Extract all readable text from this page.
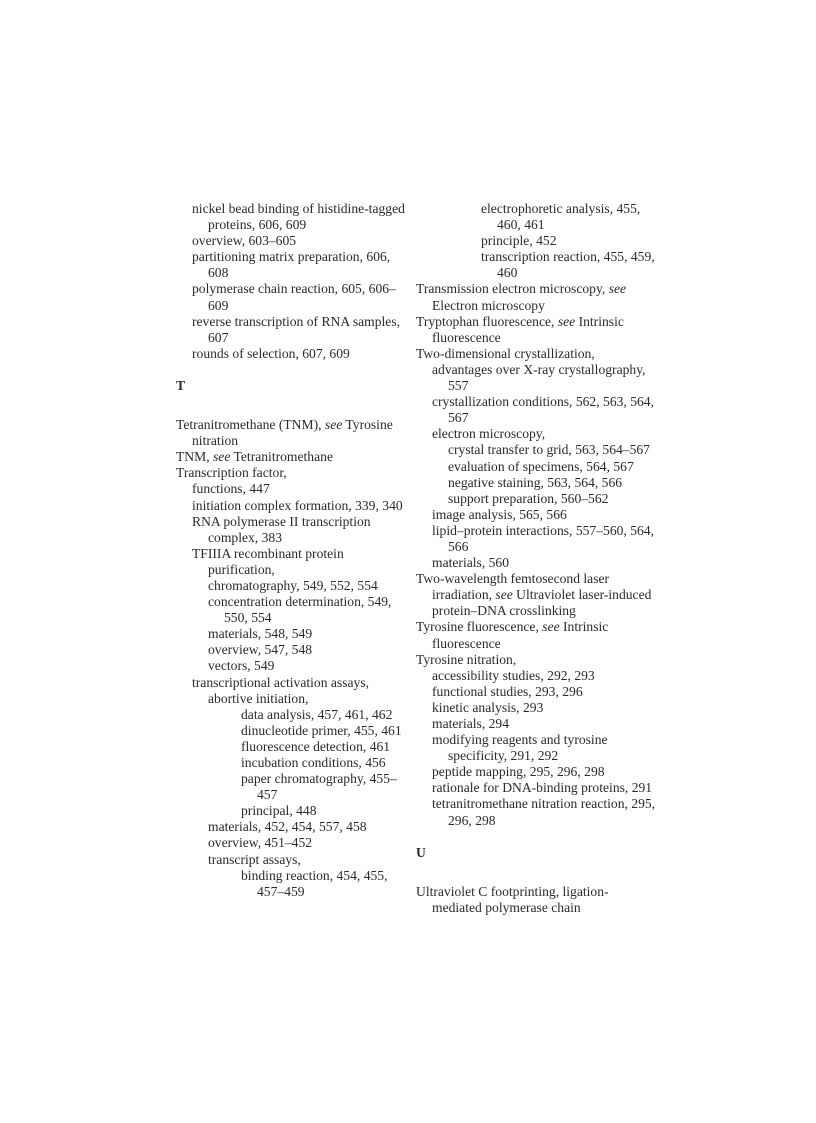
nickel bead binding of histidine-tagged proteins, 606, 609

overview, 603–605

partitioning matrix preparation, 606, 608

polymerase chain reaction, 605, 606–609

reverse transcription of RNA samples, 607

rounds of selection, 607, 609

T

Tetranitromethane (TNM), see Tyrosine nitration

TNM, see Tetranitromethane

Transcription factor,

functions, 447

initiation complex formation, 339, 340

RNA polymerase II transcription complex, 383

TFIIIA recombinant protein purification,

chromatography, 549, 552, 554

concentration determination, 549, 550, 554

materials, 548, 549

overview, 547, 548

vectors, 549

transcriptional activation assays,

abortive initiation,

data analysis, 457, 461, 462

dinucleotide primer, 455, 461

fluorescence detection, 461

incubation conditions, 456

paper chromatography, 455–457

principal, 448

materials, 452, 454, 557, 458

overview, 451–452

transcript assays,

binding reaction, 454, 455, 457–459

electrophoretic analysis, 455, 460, 461

principle, 452

transcription reaction, 455, 459, 460

Transmission electron microscopy, see Electron microscopy

Tryptophan fluorescence, see Intrinsic fluorescence

Two-dimensional crystallization,

advantages over X-ray crystallography, 557

crystallization conditions, 562, 563, 564, 567

electron microscopy,

crystal transfer to grid, 563, 564–567

evaluation of specimens, 564, 567

negative staining, 563, 564, 566

support preparation, 560–562

image analysis, 565, 566

lipid–protein interactions, 557–560, 564, 566

materials, 560

Two-wavelength femtosecond laser irradiation, see Ultraviolet laser-induced protein–DNA crosslinking

Tyrosine fluorescence, see Intrinsic fluorescence

Tyrosine nitration,

accessibility studies, 292, 293

functional studies, 293, 296

kinetic analysis, 293

materials, 294

modifying reagents and tyrosine specificity, 291, 292

peptide mapping, 295, 296, 298

rationale for DNA-binding proteins, 291

tetranitromethane nitration reaction, 295, 296, 298

U

Ultraviolet C footprinting, ligation-mediated polymerase chain
